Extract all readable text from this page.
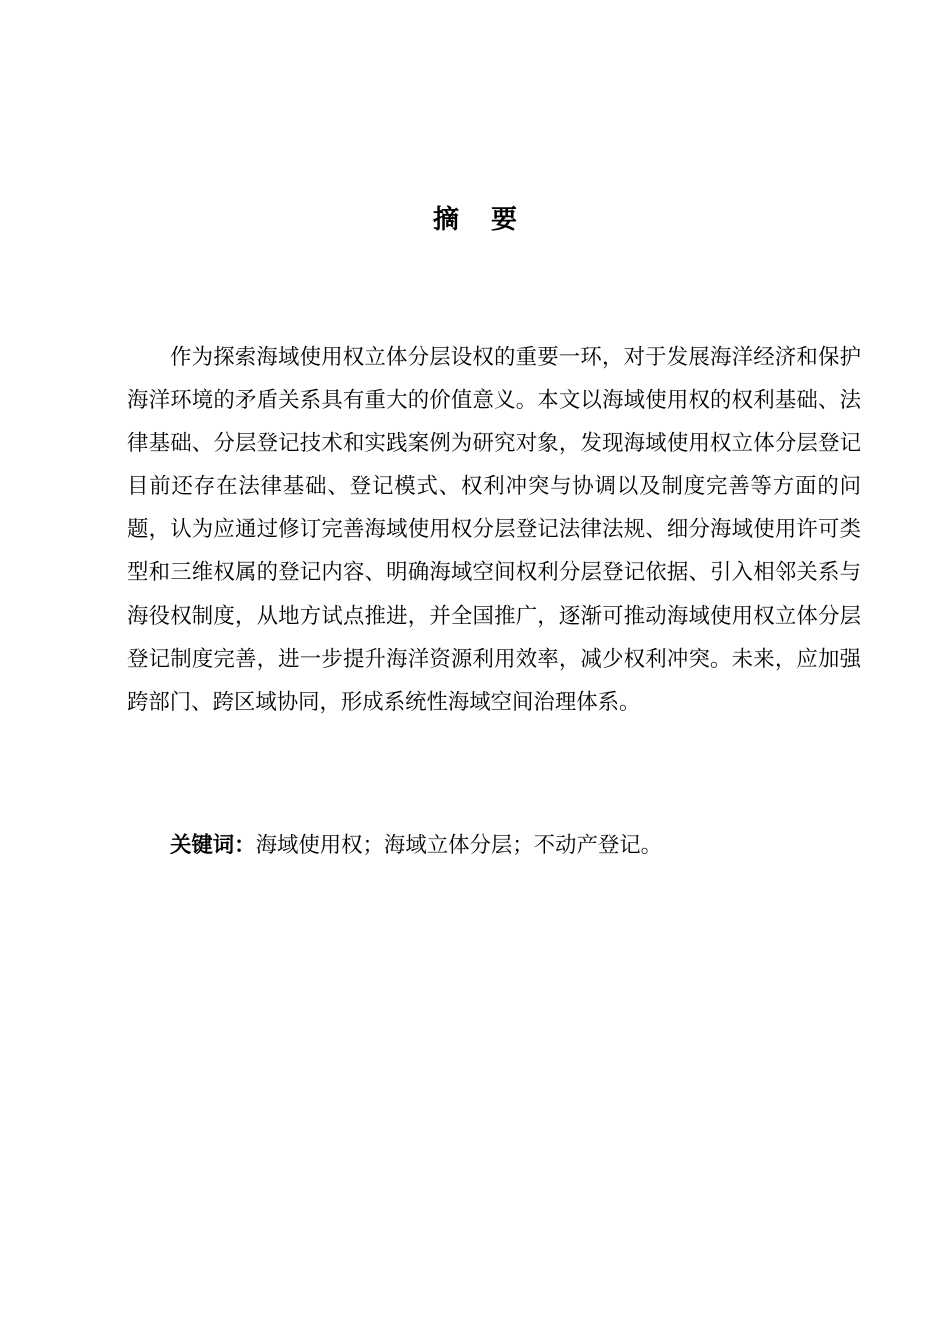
摘要

作为探索海域使用权立体分层设权的重要一环，对于发展海洋经济和保护海洋环境的矛盾关系具有重大的价值意义。本文以海域使用权的权利基础、法律基础、分层登记技术和实践案例为研究对象，发现海域使用权立体分层登记目前还存在法律基础、登记模式、权利冲突与协调以及制度完善等方面的问题，认为应通过修订完善海域使用权分层登记法律法规、细分海域使用许可类型和三维权属的登记内容、明确海域空间权利分层登记依据、引入相邻关系与海役权制度，从地方试点推进，并全国推广，逐渐可推动海域使用权立体分层登记制度完善，进一步提升海洋资源利用效率，减少权利冲突。未来，应加强跨部门、跨区域协同，形成系统性海域空间治理体系。

关键词：海域使用权；海域立体分层；不动产登记。
